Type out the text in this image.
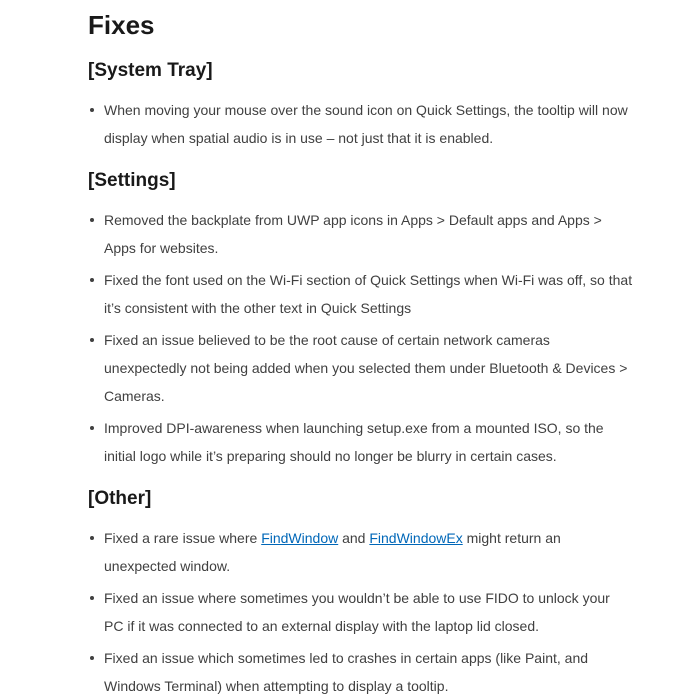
Fixes
[System Tray]
When moving your mouse over the sound icon on Quick Settings, the tooltip will now display when spatial audio is in use – not just that it is enabled.
[Settings]
Removed the backplate from UWP app icons in Apps > Default apps and Apps > Apps for websites.
Fixed the font used on the Wi-Fi section of Quick Settings when Wi-Fi was off, so that it’s consistent with the other text in Quick Settings
Fixed an issue believed to be the root cause of certain network cameras unexpectedly not being added when you selected them under Bluetooth & Devices > Cameras.
Improved DPI-awareness when launching setup.exe from a mounted ISO, so the initial logo while it’s preparing should no longer be blurry in certain cases.
[Other]
Fixed a rare issue where FindWindow and FindWindowEx might return an unexpected window.
Fixed an issue where sometimes you wouldn’t be able to use FIDO to unlock your PC if it was connected to an external display with the laptop lid closed.
Fixed an issue which sometimes led to crashes in certain apps (like Paint, and Windows Terminal) when attempting to display a tooltip.
